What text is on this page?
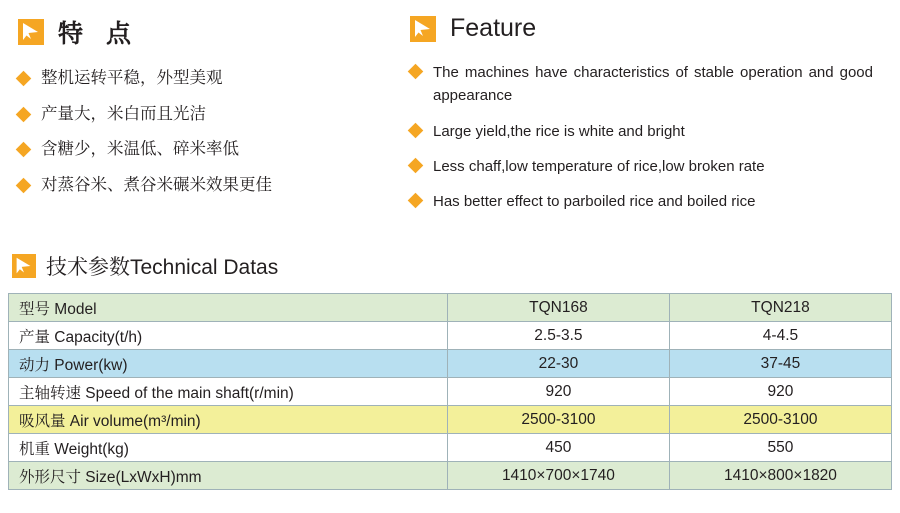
特 点
整机运转平稳，外型美观
产量大，米白而且光洁
含糖少，米温低、碎米率低
对蒸谷米、煮谷米碾米效果更佳
Feature
The machines have characteristics of stable operation and good appearance
Large yield,the rice is white and bright
Less chaff,low temperature of rice,low broken rate
Has better effect to parboiled rice and boiled rice
技术参数Technical Datas
型号 Model	TQN168	TQN218
产量 Capacity(t/h)	2.5-3.5	4-4.5
动力 Power(kw)	22-30	37-45
主轴转速 Speed of the main shaft(r/min)	920	920
吸风量 Air volume(m³/min)	2500-3100	2500-3100
机重 Weight(kg)	450	550
外形尺寸 Size(LxWxH)mm	1410×700×1740	1410×800×1820
